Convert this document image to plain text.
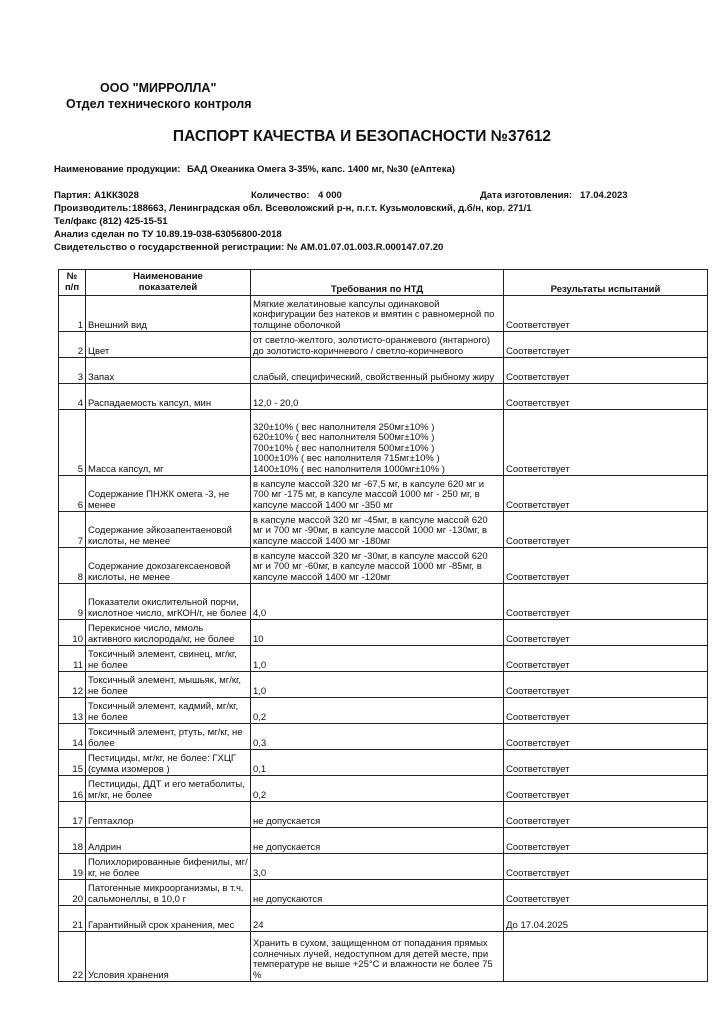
ООО "МИРРОЛЛА"
Отдел технического контроля
ПАСПОРТ КАЧЕСТВА И БЕЗОПАСНОСТИ №37612
Наименование продукции: БАД Океаника Омега 3-35%, капс. 1400 мг, №30 (еАптека)
Партия: А1КК3028	Количество: 4 000	Дата изготовления: 17.04.2023
Производитель: 188663, Ленинградская обл. Всеволожский р-н, п.г.т. Кузьмоловский, д.б/н, кор. 271/1
Тел/факс (812) 425-15-51
Анализ сделан по ТУ 10.89.19-038-63056800-2018
Свидетельство о государственной регистрации: № AM.01.07.01.003.R.000147.07.20
№
п/п	Наименование
показателей	Требования по НТД	Результаты испытаний
1	Внешний вид	Мягкие желатиновые капсулы одинаковой
конфигурации без натеков и вмятин с равномерной по
толщине оболочкой	Соответствует
2	Цвет	от светло-желтого, золотисто-оранжевого (янтарного)
до золотисто-коричневого / светло-коричневого	Соответствует
3	Запах	слабый, специфический, свойственный рыбному жиру	Соответствует
4	Распадаемость капсул, мин	12,0 - 20,0	Соответствует
5	Масса капсул, мг	320±10% ( вес наполнителя 250мг±10% )
620±10% ( вес наполнителя 500мг±10% )
700±10% ( вес наполнителя 500мг±10% )
1000±10% ( вес наполнителя 715мг±10% )
1400±10% ( вес наполнителя 1000мг±10% )	Соответствует
6	Содержание ПНЖК омега -3, не менее	в капсуле массой 320 мг -67,5 мг, в капсуле 620 мг и
700 мг -175 мг, в капсуле массой 1000 мг - 250 мг, в
капсуле массой 1400 мг -350 мг	Соответствует
7	Содержание эйкозапентаеновой кислоты, не менее	в капсуле массой 320 мг -45мг, в капсуле массой 620
мг и 700 мг -90мг, в капсуле массой 1000 мг -130мг, в
капсуле массой 1400 мг -180мг	Соответствует
8	Содержание докозагексаеновой кислоты, не менее	в капсуле массой 320 мг -30мг, в капсуле массой 620
мг и 700 мг -60мг, в капсуле массой 1000 мг -85мг, в
капсуле массой 1400 мг -120мг	Соответствует
9	Показатели окислительной порчи, кислотное число, мгКОН/г, не более	4,0	Соответствует
10	Перекисное число, ммоль активного кислорода/кг, не более	10	Соответствует
11	Токсичный элемент, свинец, мг/кг, не более	1,0	Соответствует
12	Токсичный элемент, мышьяк, мг/кг, не более	1,0	Соответствует
13	Токсичный элемент, кадмий, мг/кг, не более	0,2	Соответствует
14	Токсичный элемент, ртуть, мг/кг, не более	0,3	Соответствует
15	Пестициды, мг/кг, не более: ГХЦГ (сумма изомеров )	0,1	Соответствует
16	Пестициды, ДДТ и его метаболиты, мг/кг, не более	0,2	Соответствует
17	Гептахлор	не допускается	Соответствует
18	Алдрин	не допускается	Соответствует
19	Полихлорированные бифенилы, мг/кг, не более	3,0	Соответствует
20	Патогенные микроорганизмы, в т.ч. сальмонеллы, в 10,0 г	не допускаются	Соответствует
21	Гарантийный срок хранения, мес	24	До 17.04.2025
22	Условия хранения	Хранить в сухом, защищенном от попадания прямых
солнечных лучей, недоступном для детей месте, при
температуре не выше +25°С и влажности не более 75
%	
